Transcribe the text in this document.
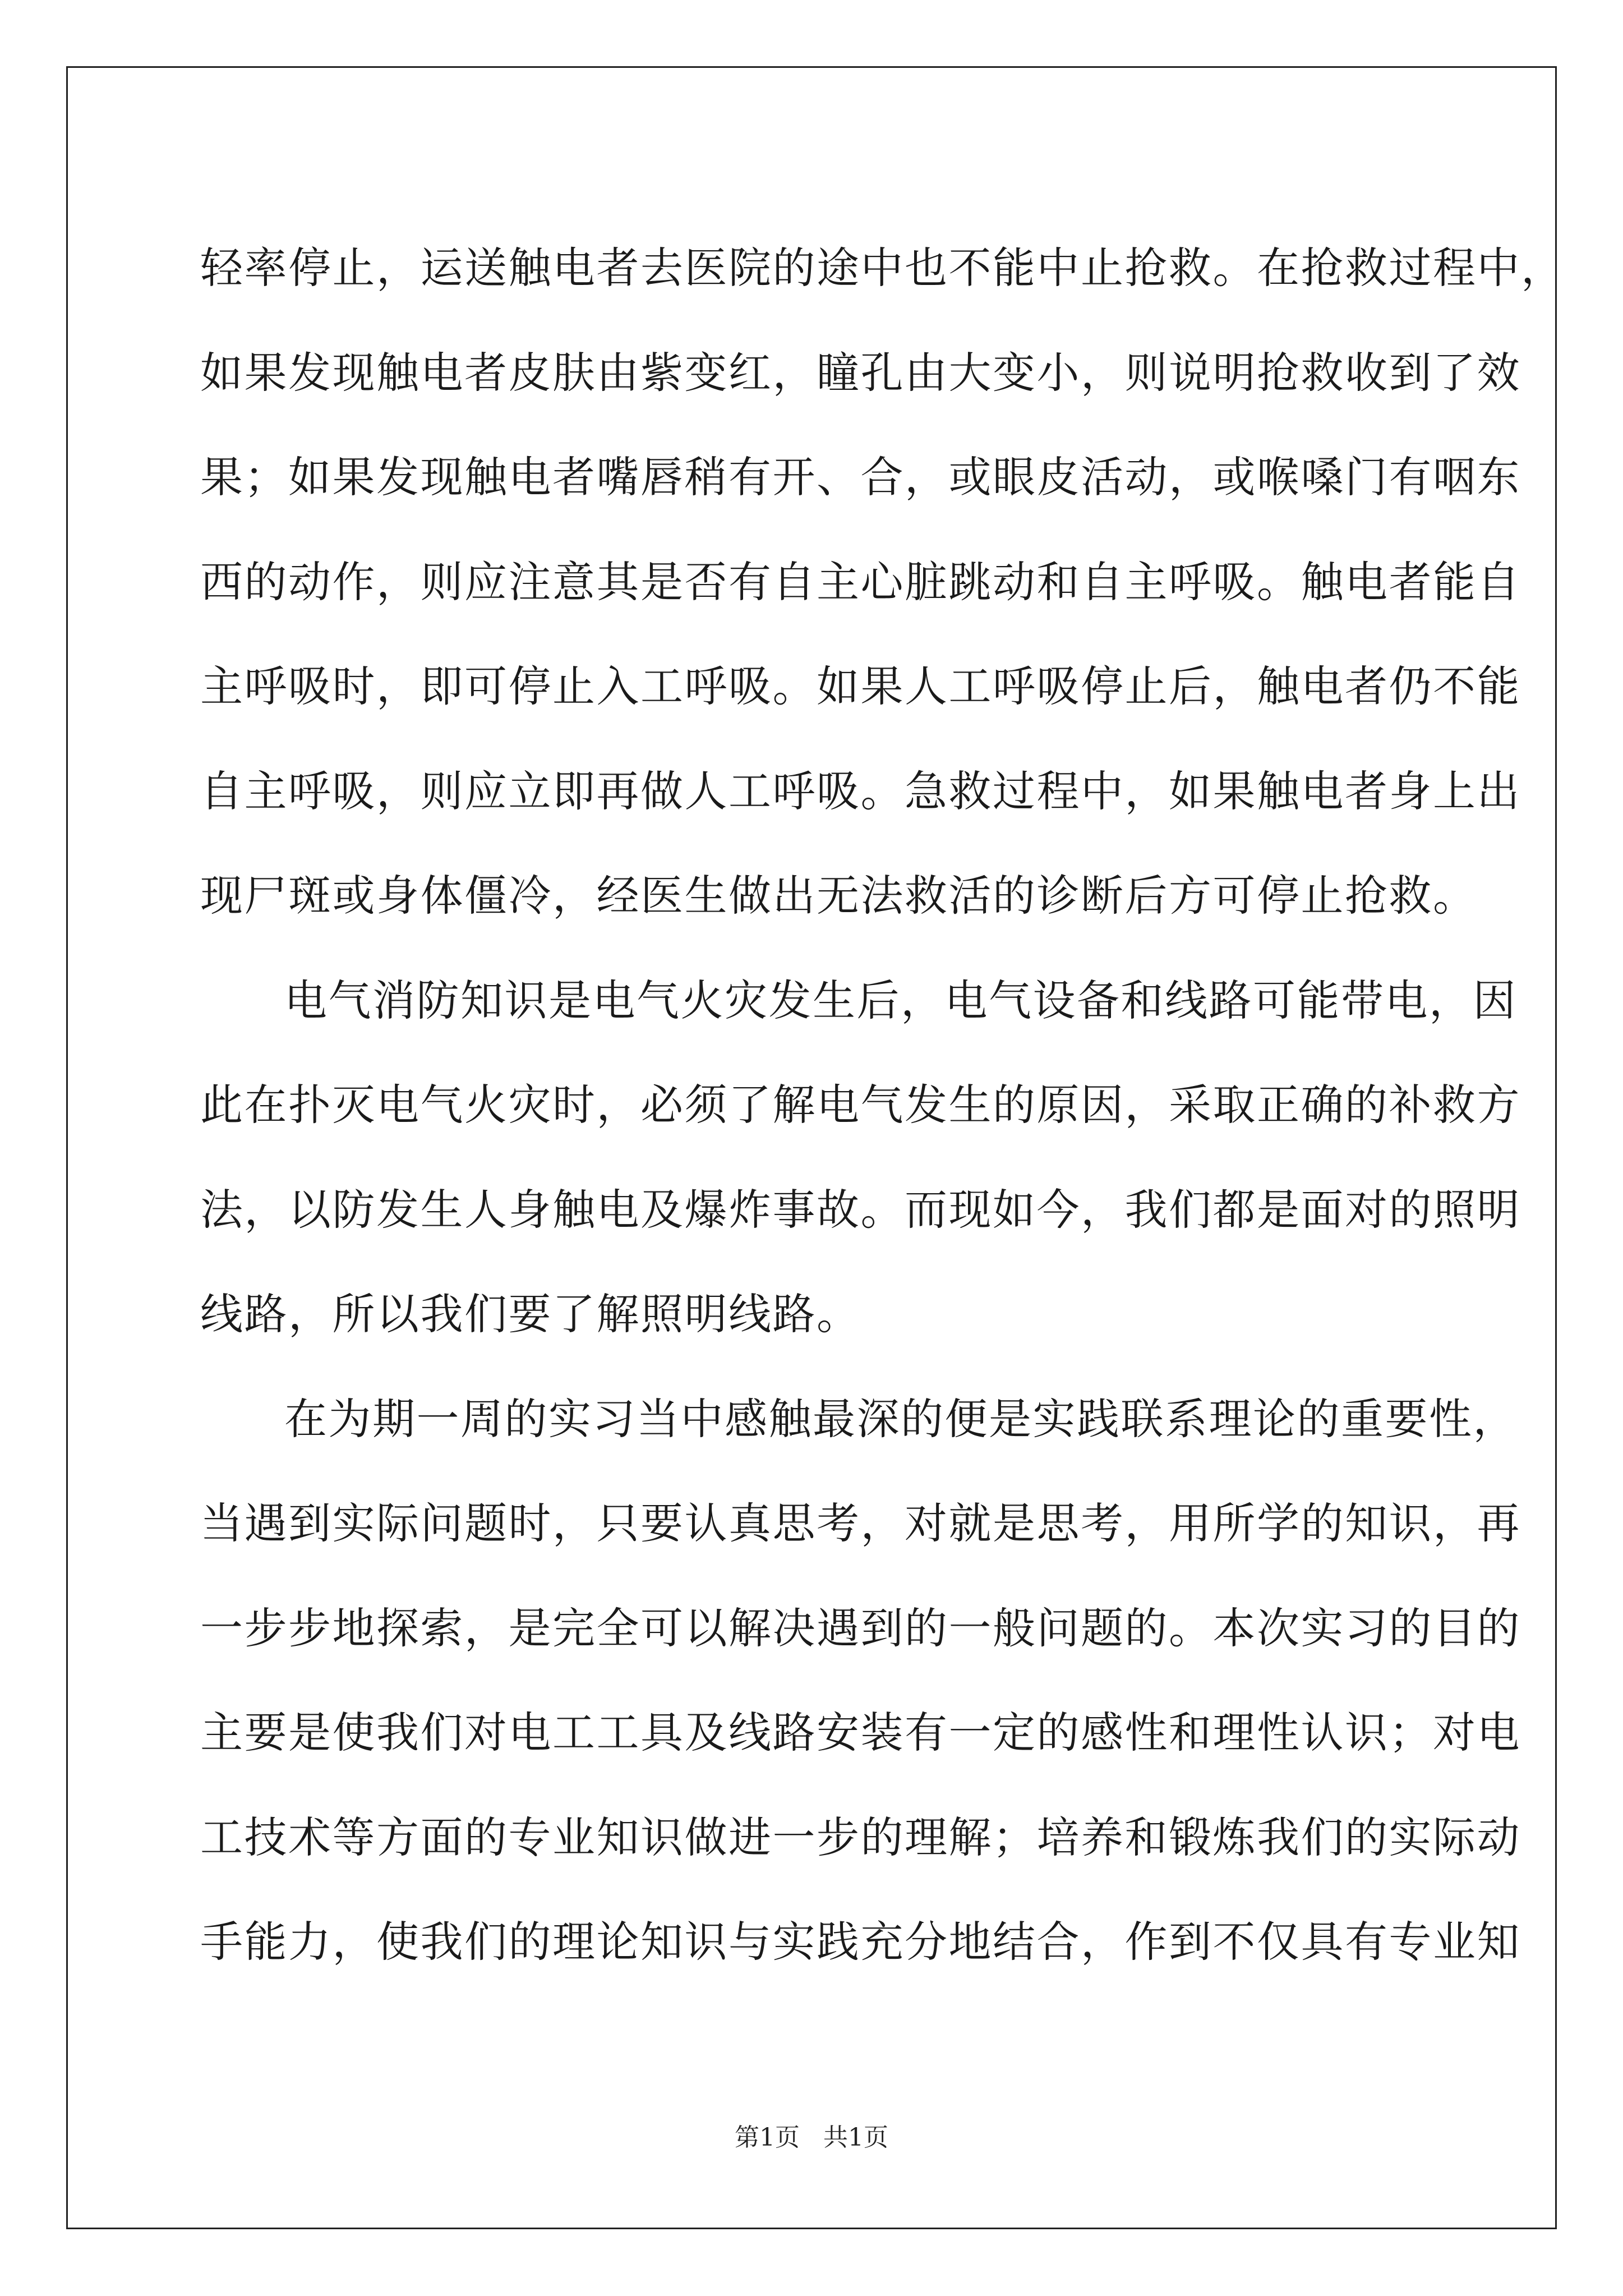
轻率停止，运送触电者去医院的途中也不能中止抢救。在抢救过程中，
如果发现触电者皮肤由紫变红，瞳孔由大变小，则说明抢救收到了效
果；如果发现触电者嘴唇稍有开、合，或眼皮活动，或喉嗓门有咽东
西的动作，则应注意其是否有自主心脏跳动和自主呼吸。触电者能自
主呼吸时，即可停止入工呼吸。如果人工呼吸停止后，触电者仍不能
自主呼吸，则应立即再做人工呼吸。急救过程中，如果触电者身上出
现尸斑或身体僵冷，经医生做出无法救活的诊断后方可停止抢救。
电气消防知识是电气火灾发生后，电气设备和线路可能带电，因
此在扑灭电气火灾时，必须了解电气发生的原因，采取正确的补救方
法，以防发生人身触电及爆炸事故。而现如今，我们都是面对的照明
线路，所以我们要了解照明线路。
在为期一周的实习当中感触最深的便是实践联系理论的重要性，
当遇到实际问题时，只要认真思考，对就是思考，用所学的知识，再
一步步地探索，是完全可以解决遇到的一般问题的。本次实习的目的
主要是使我们对电工工具及线路安装有一定的感性和理性认识；对电
工技术等方面的专业知识做进一步的理解；培养和锻炼我们的实际动
手能力，使我们的理论知识与实践充分地结合，作到不仅具有专业知
第1页 共1页
